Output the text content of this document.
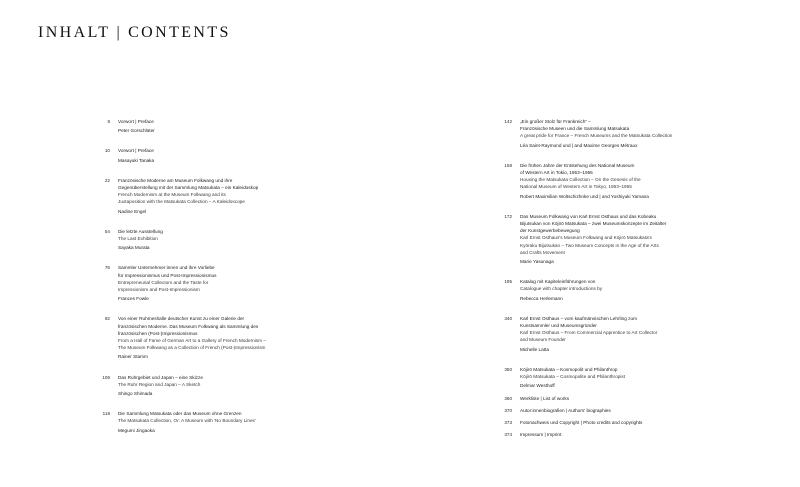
INHALT | CONTENTS
8 Vorwort | Preface
Peter Gorschlüter
10 Vorwort | Preface
Masayuki Tanaka
22 Französische Moderne am Museum Folkwang und ihre
Gegenüberstellung mit der Sammlung Matsukata – ein Kaleidoskop
French Modernism at the Museum Folkwang and its
Juxtaposition with the Matsukata Collection – A Kaleidoscope
Nadine Engel
54 Die letzte Ausstellung
The Last Exhibition
Sayaka Murata
76 Sammler Unternehmer:innen und ihre Vorliebe
für Impressionismus und Post-Impressionismus
Entrepreneurial Collectors and the Taste for
Impressionism and Post-Impressionism
Frances Fowle
92 Von einer Ruhmeshalle deutscher Kunst zu einer Galerie der
französischen Moderne. Das Museum Folkwang als Sammlung des
französischen (Post-)Impressionismus
From a Hall of Fame of German Art to a Gallery of French Modernism –
The Museum Folkwang as a Collection of French (Post-)Impressionism
Rainer Stamm
106 Das Ruhrgebiet und Japan – eine Skizze
The Ruhr Region and Japan – A Sketch
Shingo Shimada
118 Die Sammlung Matsukata oder das Museum ohne Grenzen
The Matsukata Collection, Or: A Museum with 'No Boundary Lines'
Megumi Jingaoka
142 „Ein großer Stolz für Frankreich“ –
Französische Museen und die Sammlung Matsukata
A great pride for France – French Museums and the Matsukata Collection
Léa Saint-Raymond und | and Maxime Georges Métraux
158 Die frühen Jahre der Entstehung des National Museum
of Western Art in Tokio, 1953–1955
Housing the Matsukata Collection – On the Genesis of the
National Museum of Western Art in Tokyo, 1953–1955
Robert Maximilian Woltschizhnke und | and Yoshiyuki Yamana
172 Das Museum Folkwang von Karl Ernst Osthaus und das Kobeaku
Bijutsukan von Kōjirō Matsukata – zwei Museumskonzepte im Zeitalter
der Kunstgewerbebewegung
Karl Ernst Osthaus's Museum Folkwang and Kōjirō Matsukata's
Kyōraku Bijutsukan – Two Museum Concepts in the Age of the Arts
and Crafts Movement
Marie Yasunaga
195 Katalog mit Kapiteleinführungen von
Catalogue with chapter introductions by
Rebecca Herlemann
340 Karl Ernst Osthaus – vom kaufmännischen Lehrling zum
Kunstsammler und Museumsgründer
Karl Ernst Osthaus – From Commercial Apprentice to Art Collector
and Museum Founder
Michelle Latta
350 Kōjirō Matsukata – Kosmopolit und Philanthrop
Kōjirō Matsukata – Cosmopolite and Philanthropist
Delmar Westhoff
360 Werkliste | List of works
370 Autor:innenbiografien | Authors' biographies
373 Fotonachweis und Copyright | Photo credits and copyrights
374 Impressum | Imprint
